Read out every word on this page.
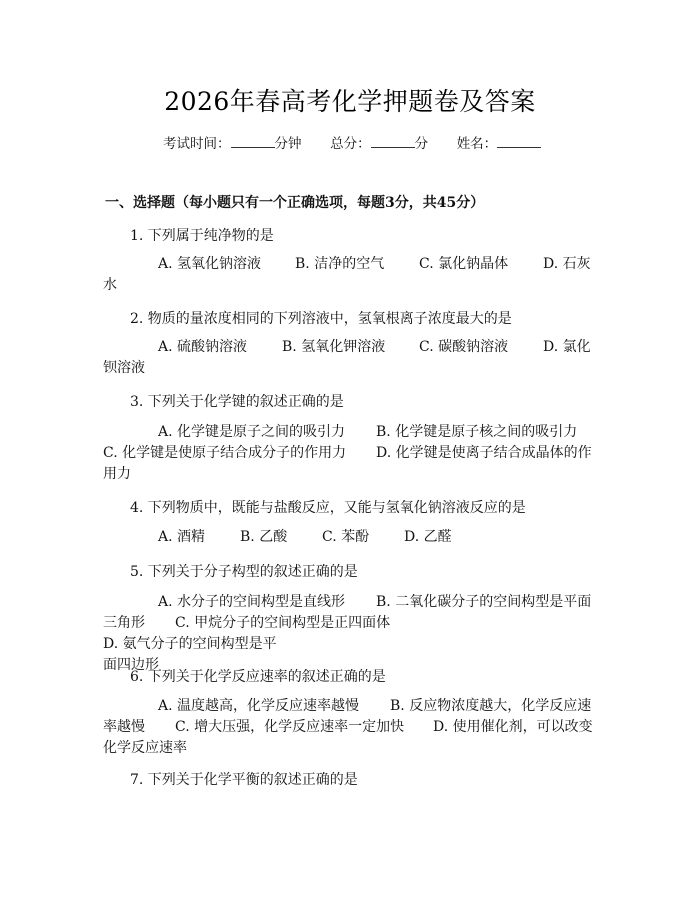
2026年春高考化学押题卷及答案
考试时间：	分钟 总分：	分 姓名：
一、选择题（每小题只有一个正确选项，每题3分，共45分）
1. 下列属于纯净物的是
A. 氢氧化钠溶液 B. 洁净的空气 C. 氯化钠晶体 D. 石灰
水
2. 物质的量浓度相同的下列溶液中，氢氧根离子浓度最大的是
A. 硫酸钠溶液 B. 氢氧化钾溶液 C. 碳酸钠溶液 D. 氯化
钡溶液
3. 下列关于化学键的叙述正确的是
A. 化学键是原子之间的吸引力 B. 化学键是原子核之间的吸引力
C. 化学键是使原子结合成分子的作用力 D. 化学键是使离子结合成晶体的作
用力
4. 下列物质中，既能与盐酸反应，又能与氢氧化钠溶液反应的是
A. 酒精 B. 乙酸 C. 苯酚 D. 乙醛
5. 下列关于分子构型的叙述正确的是
A. 水分子的空间构型是直线形 B. 二氧化碳分子的空间构型是平面
三角形 C. 甲烷分子的空间构型是正四面体D. 氨气分子的空间构型是平
面四边形
6. 下列关于化学反应速率的叙述正确的是
A. 温度越高，化学反应速率越慢 B. 反应物浓度越大，化学反应速
率越慢 C. 增大压强，化学反应速率一定加快 D. 使用催化剂，可以改变
化学反应速率
7. 下列关于化学平衡的叙述正确的是
